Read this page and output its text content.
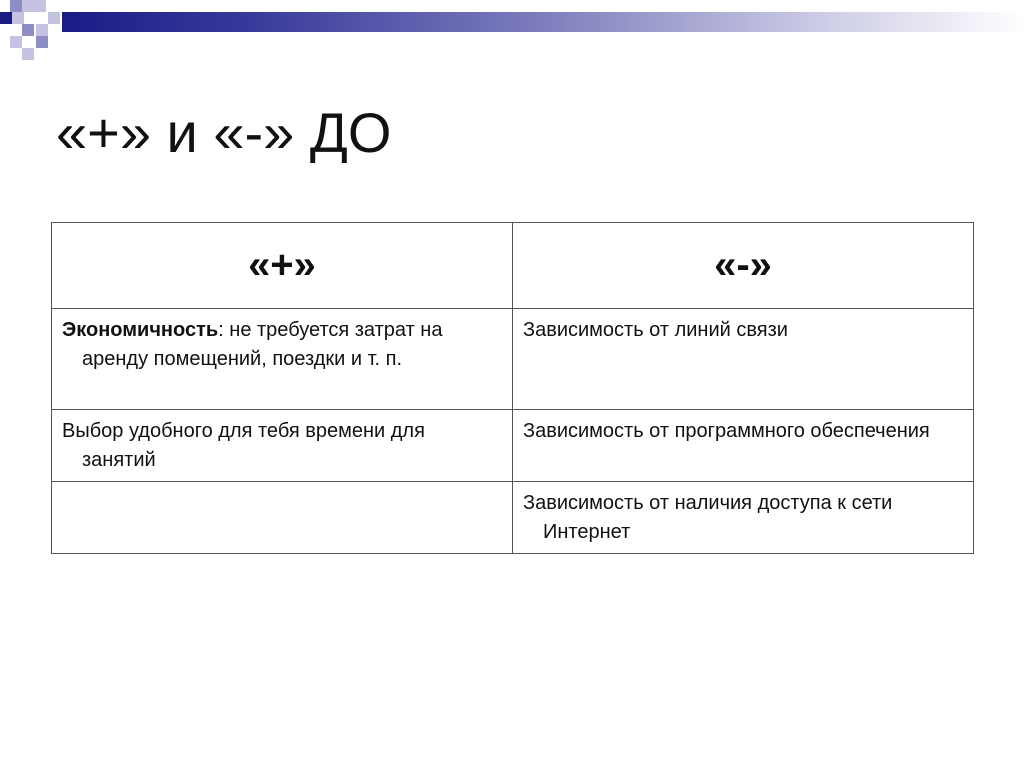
«+» и «-» ДО
«+»	«-»

Экономичность: не требуется затрат на аренду помещений, поездки и т. п.	Зависимость от линий связи

Выбор удобного для тебя времени для занятий	Зависимость от программного обеспечения

	Зависимость от наличия доступа к сети Интернет
